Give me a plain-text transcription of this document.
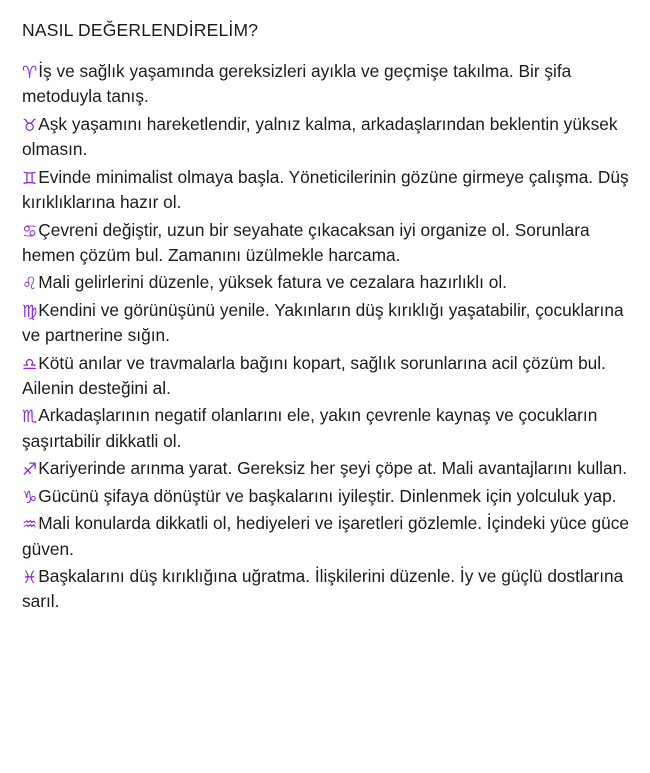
NASIL DEĞERLENDİRELİM?

♈İş ve sağlık yaşamında gereksizleri ayıkla ve geçmişe takılma. Bir şifa metoduyla tanış.

♉Aşk yaşamını hareketlendir, yalnız kalma, arkadaşlarından beklentin yüksek olmasın.

♊Evinde minimalist olmaya başla. Yöneticilerinin gözüne girmeye çalışma. Düş kırıklıklarına hazır ol.

♋Çevreni değiştir, uzun bir seyahate çıkacaksan iyi organize ol. Sorunlara hemen çözüm bul. Zamanını üzülmekle harcama.

♌Mali gelirlerini düzenle, yüksek fatura ve cezalara hazırlıklı ol.

♍Kendini ve görünüşünü yenile. Yakınların düş kırıklığı yaşatabilir, çocuklarına ve partnerine sığın.

♎Kötü anılar ve travmalarla bağını kopart, sağlık sorunlarına acil çözüm bul. Ailenin desteğini al.

♏Arkadaşlarının negatif olanlarını ele, yakın çevrenle kaynaş ve çocukların şaşırtabilir dikkatli ol.

♐Kariyerinde arınma yarat. Gereksiz her şeyi çöpe at. Mali avantajlarını kullan.

♑Gücünü şifaya dönüştür ve başkalarını iyileştir. Dinlenmek için yolculuk yap.

♒Mali konularda dikkatli ol, hediyeleri ve işaretleri gözlemle. İçindeki yüce güce güven.

♓Başkalarını düş kırıklığına uğratma. İlişkilerini düzenle. İy ve güçlü dostlarına sarıl.
